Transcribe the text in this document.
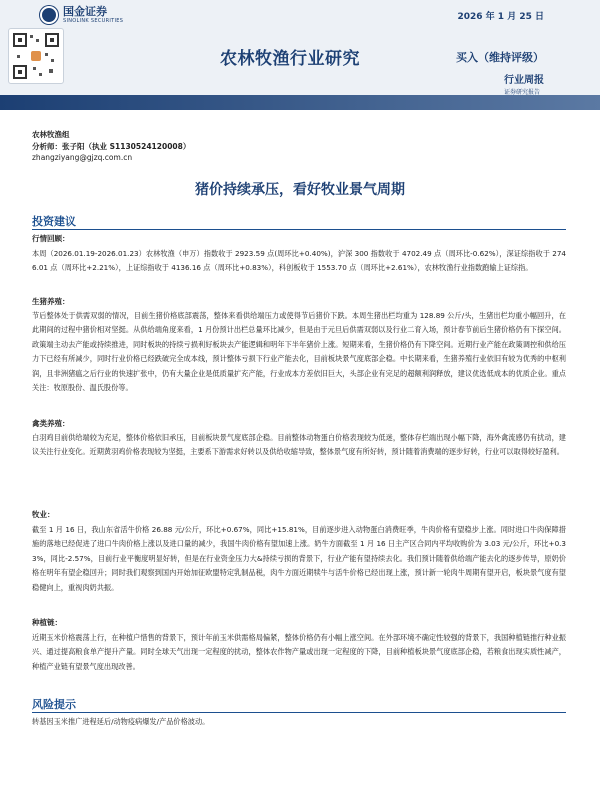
国金证券
SINOLINK SECURITIES	2026 年 1 月 25 日
农林牧渔行业研究	买入（维持评级）
行业周报
证券研究报告
农林牧渔组
分析师：张子阳（执业 S1130524120008）
zhangziyang@gjzq.com.cn
猪价持续承压，看好牧业景气周期
投资建议
行情回顾：

本周（2026.01.19-2026.01.23）农林牧渔（申万）指数收于 2923.59 点(周环比+0.40%)，沪深 300 指数收于 4702.49 点（周环比-0.62%），深证综指收于 2746.01 点（周环比+2.21%），上证综指收于 4136.16 点（周环比+0.83%），科创板收于 1553.70 点（周环比+2.61%），农林牧渔行业指数跑输上证综指。

生猪养殖：

节后整体处于供需双弱的情况，目前生猪价格底部震荡，整体来看供给端压力或使得节后猪价下跌。本周生猪出栏均重为 128.89 公斤/头，生猪出栏均重小幅回升，在此期间的过程中猪价相对坚挺。从供给端角度来看，1 月份预计出栏总量环比减少，但是由于元旦后供需双弱以及行业二育入场，预计春节前后生猪价格仍有下探空间。政策端主动去产能或持续推进，同时板块的持续亏损利好板块去产能逻辑和明年下半年猪价上涨。短期来看，生猪价格仍有下降空间。近期行业产能在政策调控和供给压力下已经有所减少，同时行业价格已经跌破完全成本线，预计整体亏损下行业产能去化，目前板块景气度底部企稳。中长期来看，生猪养殖行业依旧有较为优秀的中枢利润，且非洲猪瘟之后行业的快速扩张中，仍有大量企业是低质量扩充产能，行业成本方差依旧巨大，头部企业有完足的超额利润释放，建议优选低成本的优质企业。重点关注：牧原股份、温氏股份等。

禽类养殖：

白羽鸡目前供给端较为充足，整体价格依旧承压，目前板块景气度底部企稳。目前整体动物蛋白价格表现较为低迷，整体存栏端出现小幅下降，海外禽流感仍有扰动，建议关注行业变化。近期黄羽鸡价格表现较为坚挺，主要系下游需求好转以及供给收缩导致，整体景气度有所好转，预计随着消费端的逐步好转，行业可以取得较好盈利。

牧业：

截至 1 月 16 日，我山东省活牛价格 26.88 元/公斤，环比+0.67%，同比+15.81%，目前逐步进入动物蛋白消费旺季，牛肉价格有望稳步上涨。同时进口牛肉保障措施的落地已经促进了进口牛肉价格上涨以及进口量的减少，我国牛肉价格有望加速上涨。奶牛方面截至 1 月 16 日主产区合同内平均收购价为 3.03 元/公斤，环比+0.33%，同比-2.57%，目前行业平衡度明显好转，但是在行业资金压力大&持续亏损的背景下，行业产能有望持续去化。我们预计随着供给端产能去化的逐步传导，原奶价格在明年有望企稳回升；同时我们观察到国内开始加征欧盟特定乳制品税，肉牛方面近期犊牛与活牛价格已经出现上涨，预计新一轮肉牛周期有望开启，板块景气度有望稳健向上，重视肉奶共振。

种植链：

近期玉米价格震荡上行，在种植户惜售的背景下，预计年前玉米供需格局偏紧，整体价格仍有小幅上涨空间。在外部环境不确定性较强的背景下，我国种植链推行种业振兴、通过提高粮食单产提升产量。同时全球天气出现一定程度的扰动，整体农作物产量或出现一定程度的下降，目前种植板块景气度底部企稳，若粮食出现实质性减产，种植产业链有望景气度出现改善。

风险提示

转基因玉米推广进程延后/动物疫病爆发/产品价格波动。
